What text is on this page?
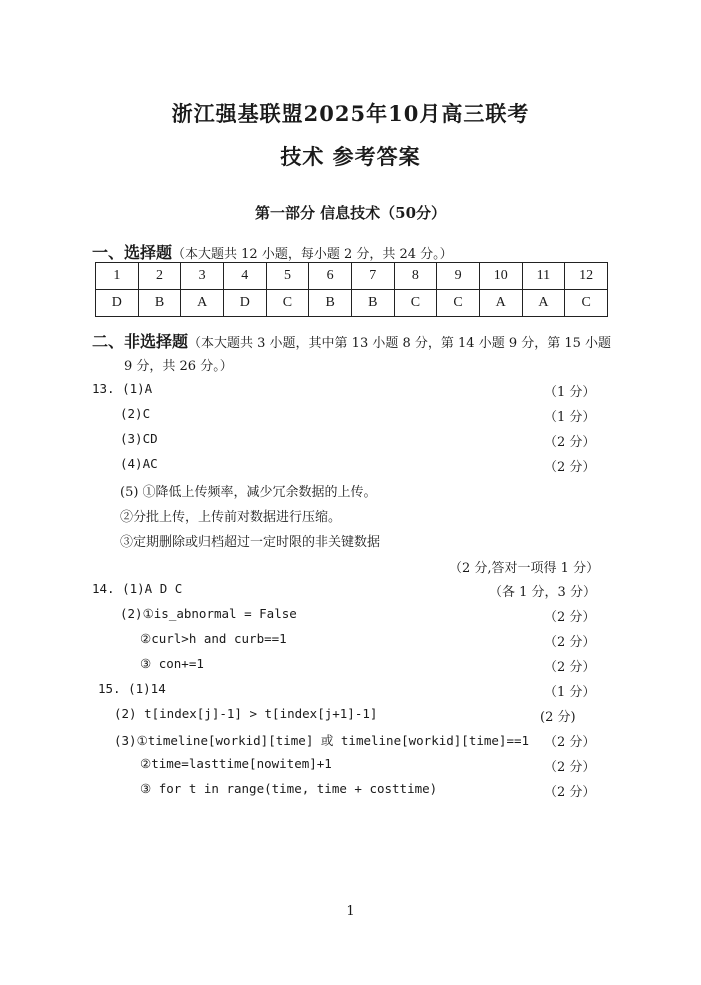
浙江强基联盟2025年10月高三联考
技术 参考答案
第一部分 信息技术（50分）
一、选择题（本大题共 12 小题，每小题 2 分，共 24 分。）
1	2	3	4	5	6	7	8	9	10	11	12
D	B	A	D	C	B	B	C	C	A	A	C
二、非选择题（本大题共 3 小题，其中第 13 小题 8 分，第 14 小题 9 分，第 15 小题
9 分，共 26 分。）
13. (1)A	（1 分）
(2)C	（1 分）
(3)CD	（2 分）
(4)AC	（2 分）
(5) ①降低上传频率，减少冗余数据的上传。
②分批上传，上传前对数据进行压缩。
③定期删除或归档超过一定时限的非关键数据
（2 分,答对一项得 1 分）
14. (1)A D C	（各 1 分，3 分）
(2)①is_abnormal = False	（2 分）
②curl>h and curb==1	（2 分）
③ con+=1	（2 分）
15. (1)14	（1 分）
(2) t[index[j]-1] > t[index[j+1]-1]	(2 分)
(3)①timeline[workid][time] 或 timeline[workid][time]==1 （2 分）
②time=lasttime[nowitem]+1	（2 分）
③ for t in range(time, time + costtime)	（2 分）
1
